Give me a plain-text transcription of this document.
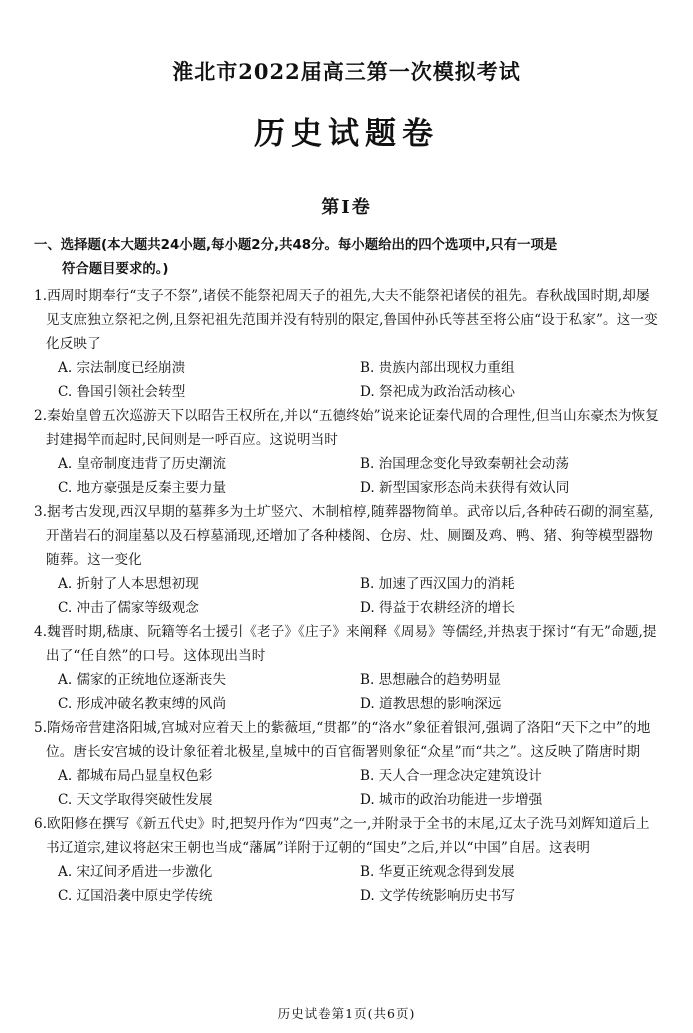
淮北市2022届高三第一次模拟考试
历史试题卷
第Ⅰ卷
一、选择题(本大题共24小题,每小题2分,共48分。每小题给出的四个选项中,只有一项是
符合题目要求的。)
1.西周时期奉行“支子不祭”,诸侯不能祭祀周天子的祖先,大夫不能祭祀诸侯的祖先。春秋战国时期,却屡见支庶独立祭祀之例,且祭祀祖先范围并没有特别的限定,鲁国仲孙氏等甚至将公庙“设于私家”。这一变化反映了
A. 宗法制度已经崩溃	B. 贵族内部出现权力重组
C. 鲁国引领社会转型	D. 祭祀成为政治活动核心
2.秦始皇曾五次巡游天下以昭告王权所在,并以“五德终始”说来论证秦代周的合理性,但当山东豪杰为恢复封建揭竿而起时,民间则是一呼百应。这说明当时
A. 皇帝制度违背了历史潮流	B. 治国理念变化导致秦朝社会动荡
C. 地方豪强是反秦主要力量	D. 新型国家形态尚未获得有效认同
3.据考古发现,西汉早期的墓葬多为土圹竖穴、木制棺椁,随葬器物简单。武帝以后,各种砖石砌的洞室墓,开凿岩石的洞崖墓以及石椁墓涌现,还增加了各种楼阁、仓房、灶、厕圈及鸡、鸭、猪、狗等模型器物随葬。这一变化
A. 折射了人本思想初现	B. 加速了西汉国力的消耗
C. 冲击了儒家等级观念	D. 得益于农耕经济的增长
4.魏晋时期,嵇康、阮籍等名士援引《老子》《庄子》来阐释《周易》等儒经,并热衷于探讨“有无”命题,提出了“任自然”的口号。这体现出当时
A. 儒家的正统地位逐渐丧失	B. 思想融合的趋势明显
C. 形成冲破名教束缚的风尚	D. 道教思想的影响深远
5.隋炀帝营建洛阳城,宫城对应着天上的紫薇垣,“贯都”的“洛水”象征着银河,强调了洛阳“天下之中”的地位。唐长安宫城的设计象征着北极星,皇城中的百官衙署则象征“众星”而“共之”。这反映了隋唐时期
A. 都城布局凸显皇权色彩	B. 天人合一理念决定建筑设计
C. 天文学取得突破性发展	D. 城市的政治功能进一步增强
6.欧阳修在撰写《新五代史》时,把契丹作为“四夷”之一,并附录于全书的末尾,辽太子洗马刘辉知道后上书辽道宗,建议将赵宋王朝也当成“藩属”详附于辽朝的“国史”之后,并以“中国”自居。这表明
A. 宋辽间矛盾进一步激化	B. 华夏正统观念得到发展
C. 辽国沿袭中原史学传统	D. 文学传统影响历史书写
历史试卷第1页(共6页)
